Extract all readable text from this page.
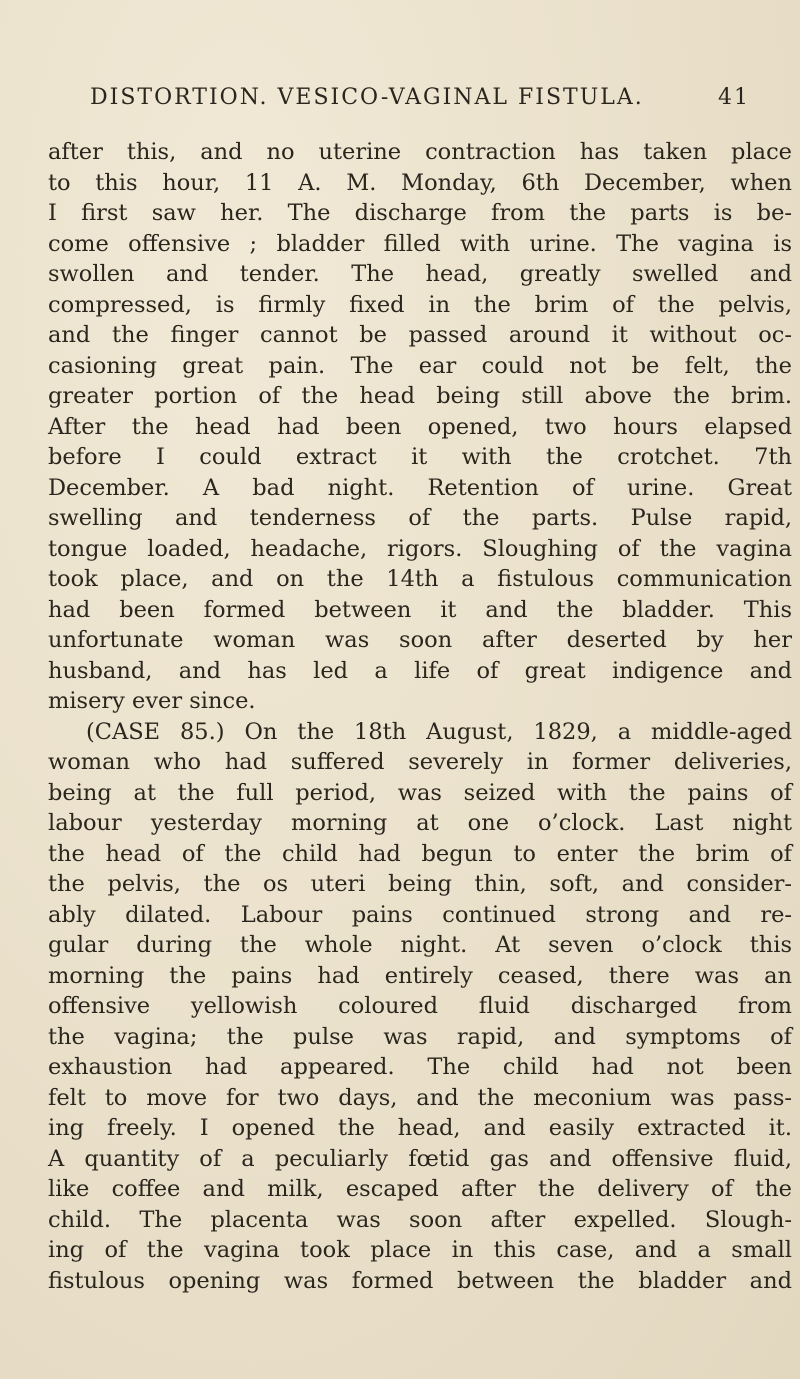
DISTORTION. VESICO-VAGINAL FISTULA.	41
after this, and no uterine contraction has taken place
to this hour, 11 A. M. Monday, 6th December, when
I first saw her. The discharge from the parts is be-
come offensive ; bladder filled with urine. The vagina is
swollen and tender. The head, greatly swelled and
compressed, is firmly fixed in the brim of the pelvis,
and the finger cannot be passed around it without oc-
casioning great pain. The ear could not be felt, the
greater portion of the head being still above the brim.
After the head had been opened, two hours elapsed
before I could extract it with the crotchet. 7th
December. A bad night. Retention of urine. Great
swelling and tenderness of the parts. Pulse rapid,
tongue loaded, headache, rigors. Sloughing of the vagina
took place, and on the 14th a fistulous communication
had been formed between it and the bladder. This
unfortunate woman was soon after deserted by her
husband, and has led a life of great indigence and
misery ever since.
(CASE 85.) On the 18th August, 1829, a middle-aged
woman who had suffered severely in former deliveries,
being at the full period, was seized with the pains of
labour yesterday morning at one o’clock. Last night
the head of the child had begun to enter the brim of
the pelvis, the os uteri being thin, soft, and consider-
ably dilated. Labour pains continued strong and re-
gular during the whole night. At seven o’clock this
morning the pains had entirely ceased, there was an
offensive yellowish coloured fluid discharged from
the vagina; the pulse was rapid, and symptoms of
exhaustion had appeared. The child had not been
felt to move for two days, and the meconium was pass-
ing freely. I opened the head, and easily extracted it.
A quantity of a peculiarly fœtid gas and offensive fluid,
like coffee and milk, escaped after the delivery of the
child. The placenta was soon after expelled. Slough-
ing of the vagina took place in this case, and a small
fistulous opening was formed between the bladder and
